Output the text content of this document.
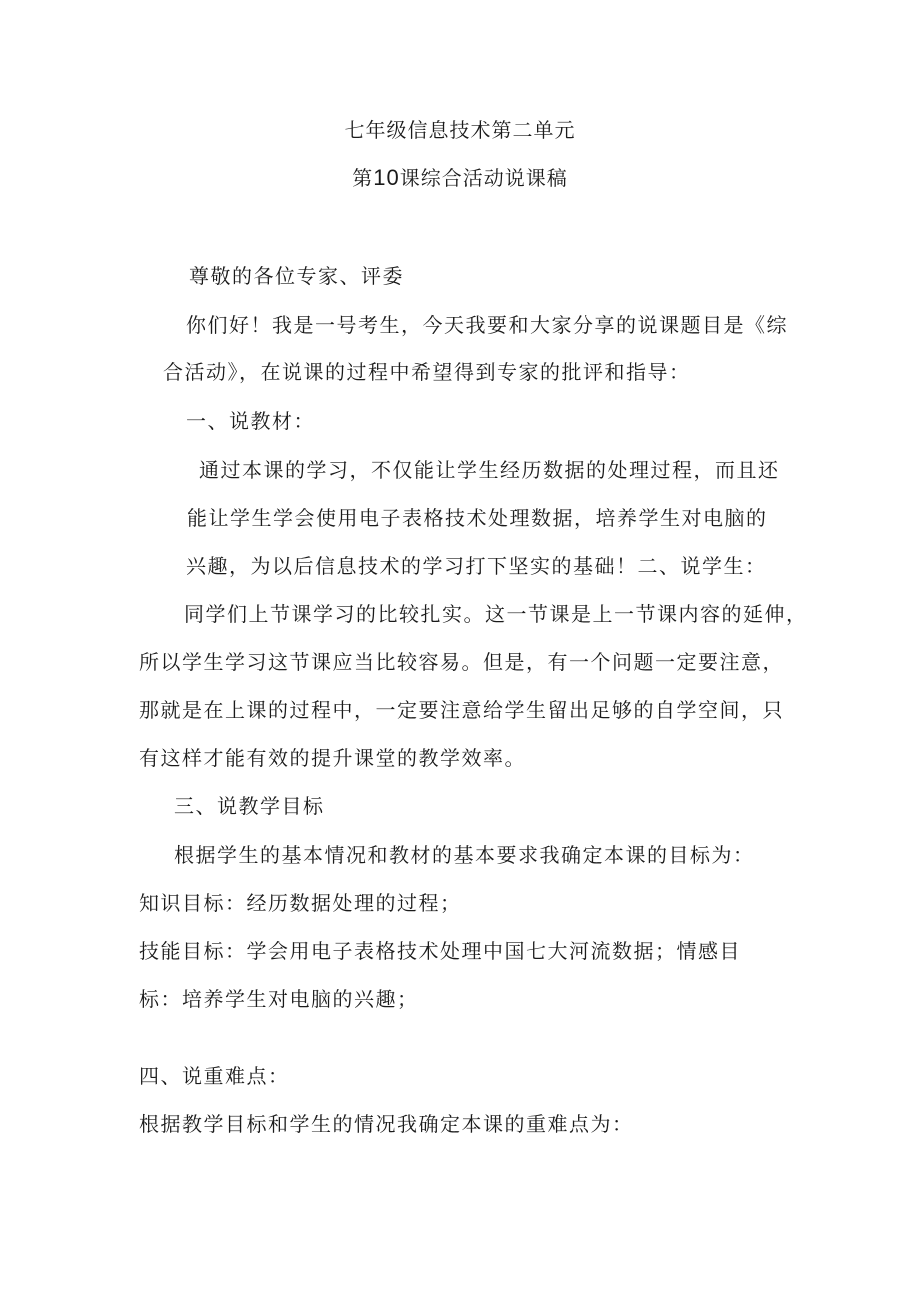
七年级信息技术第二单元
第10课综合活动说课稿
尊敬的各位专家、评委
你们好！我是一号考生，今天我要和大家分享的说课题目是《综
合活动》，在说课的过程中希望得到专家的批评和指导：
一、说教材：
通过本课的学习，不仅能让学生经历数据的处理过程，而且还
能让学生学会使用电子表格技术处理数据，培养学生对电脑的
兴趣，为以后信息技术的学习打下坚实的基础！二、说学生：
同学们上节课学习的比较扎实。这一节课是上一节课内容的延伸，
所以学生学习这节课应当比较容易。但是，有一个问题一定要注意，
那就是在上课的过程中，一定要注意给学生留出足够的自学空间，只
有这样才能有效的提升课堂的教学效率。
三、说教学目标
根据学生的基本情况和教材的基本要求我确定本课的目标为：
知识目标：经历数据处理的过程；
技能目标：学会用电子表格技术处理中国七大河流数据；情感目
标：培养学生对电脑的兴趣；
四、说重难点：
根据教学目标和学生的情况我确定本课的重难点为：
